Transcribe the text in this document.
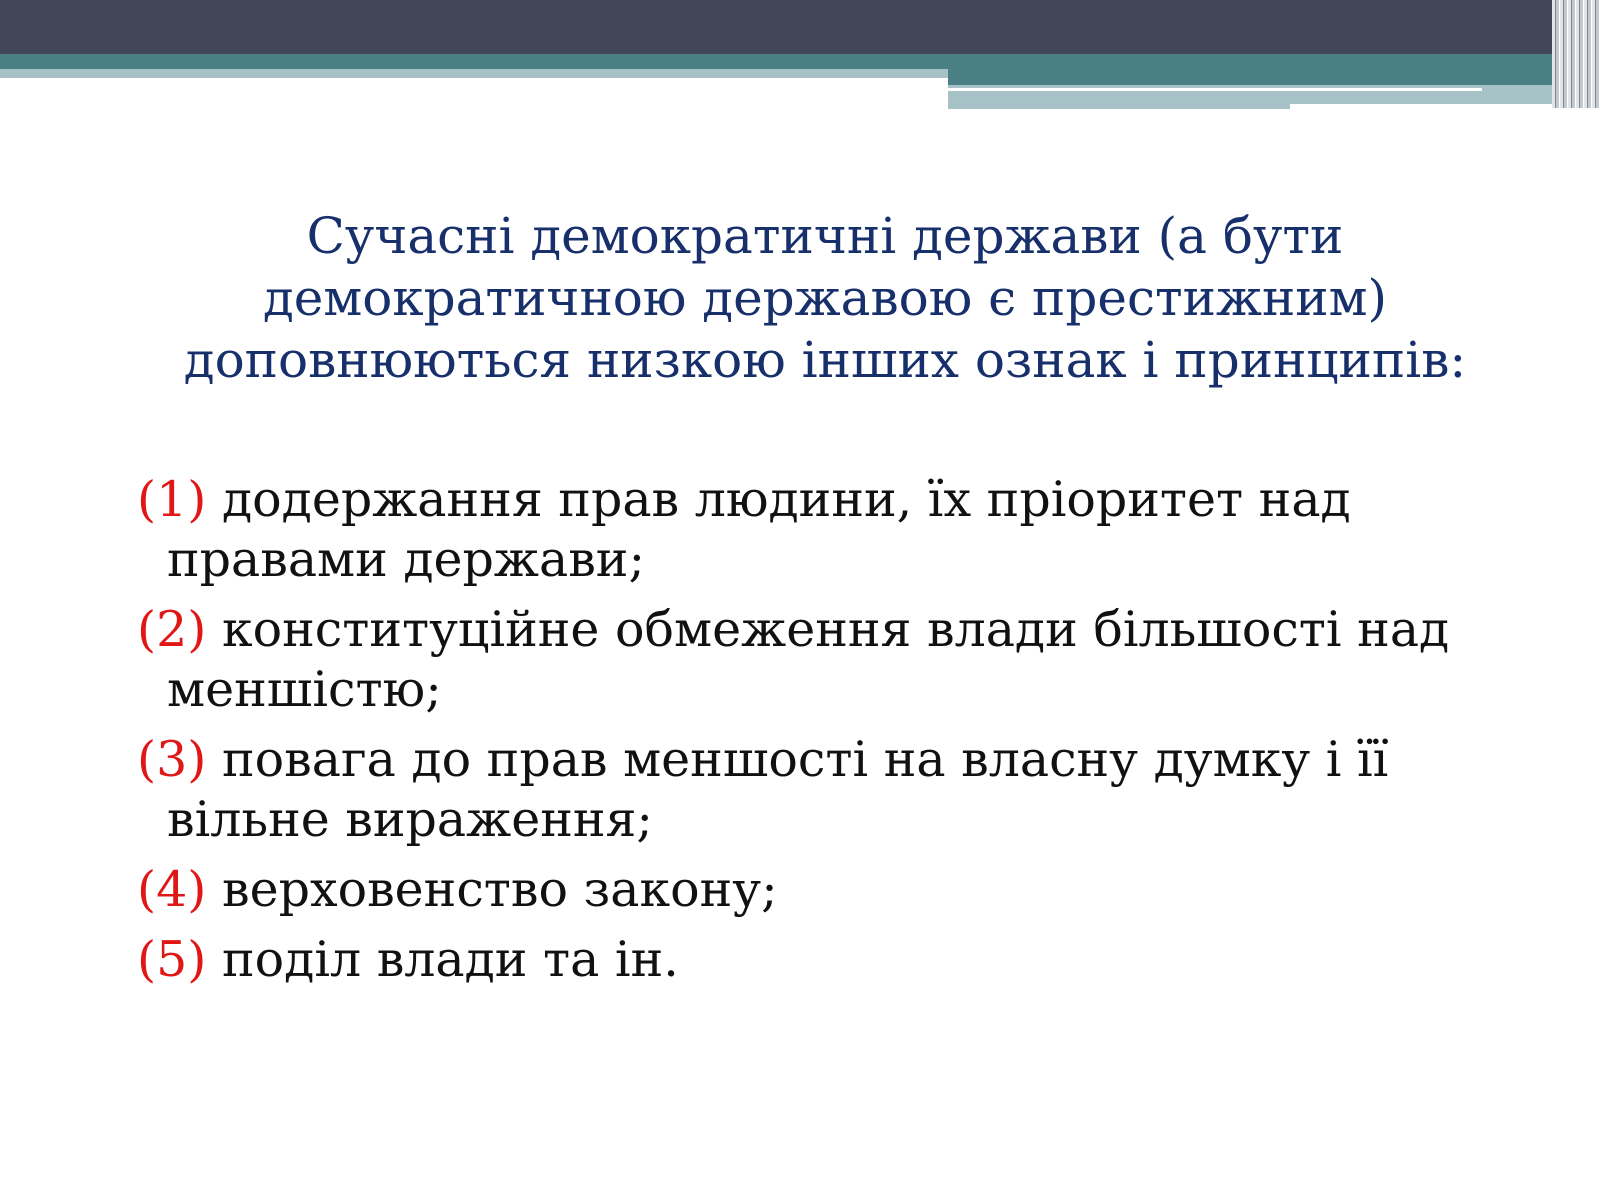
Сучасні демократичні держави (а бути демократичною державою є престижним) доповнюються низкою інших ознак і принципів:
(1) додержання прав людини, їх пріоритет над правами держави;
(2) конституційне обмеження влади більшості над меншістю;
(3) повага до прав меншості на власну думку і її вільне вираження;
(4) верховенство закону;
(5) поділ влади та ін.
